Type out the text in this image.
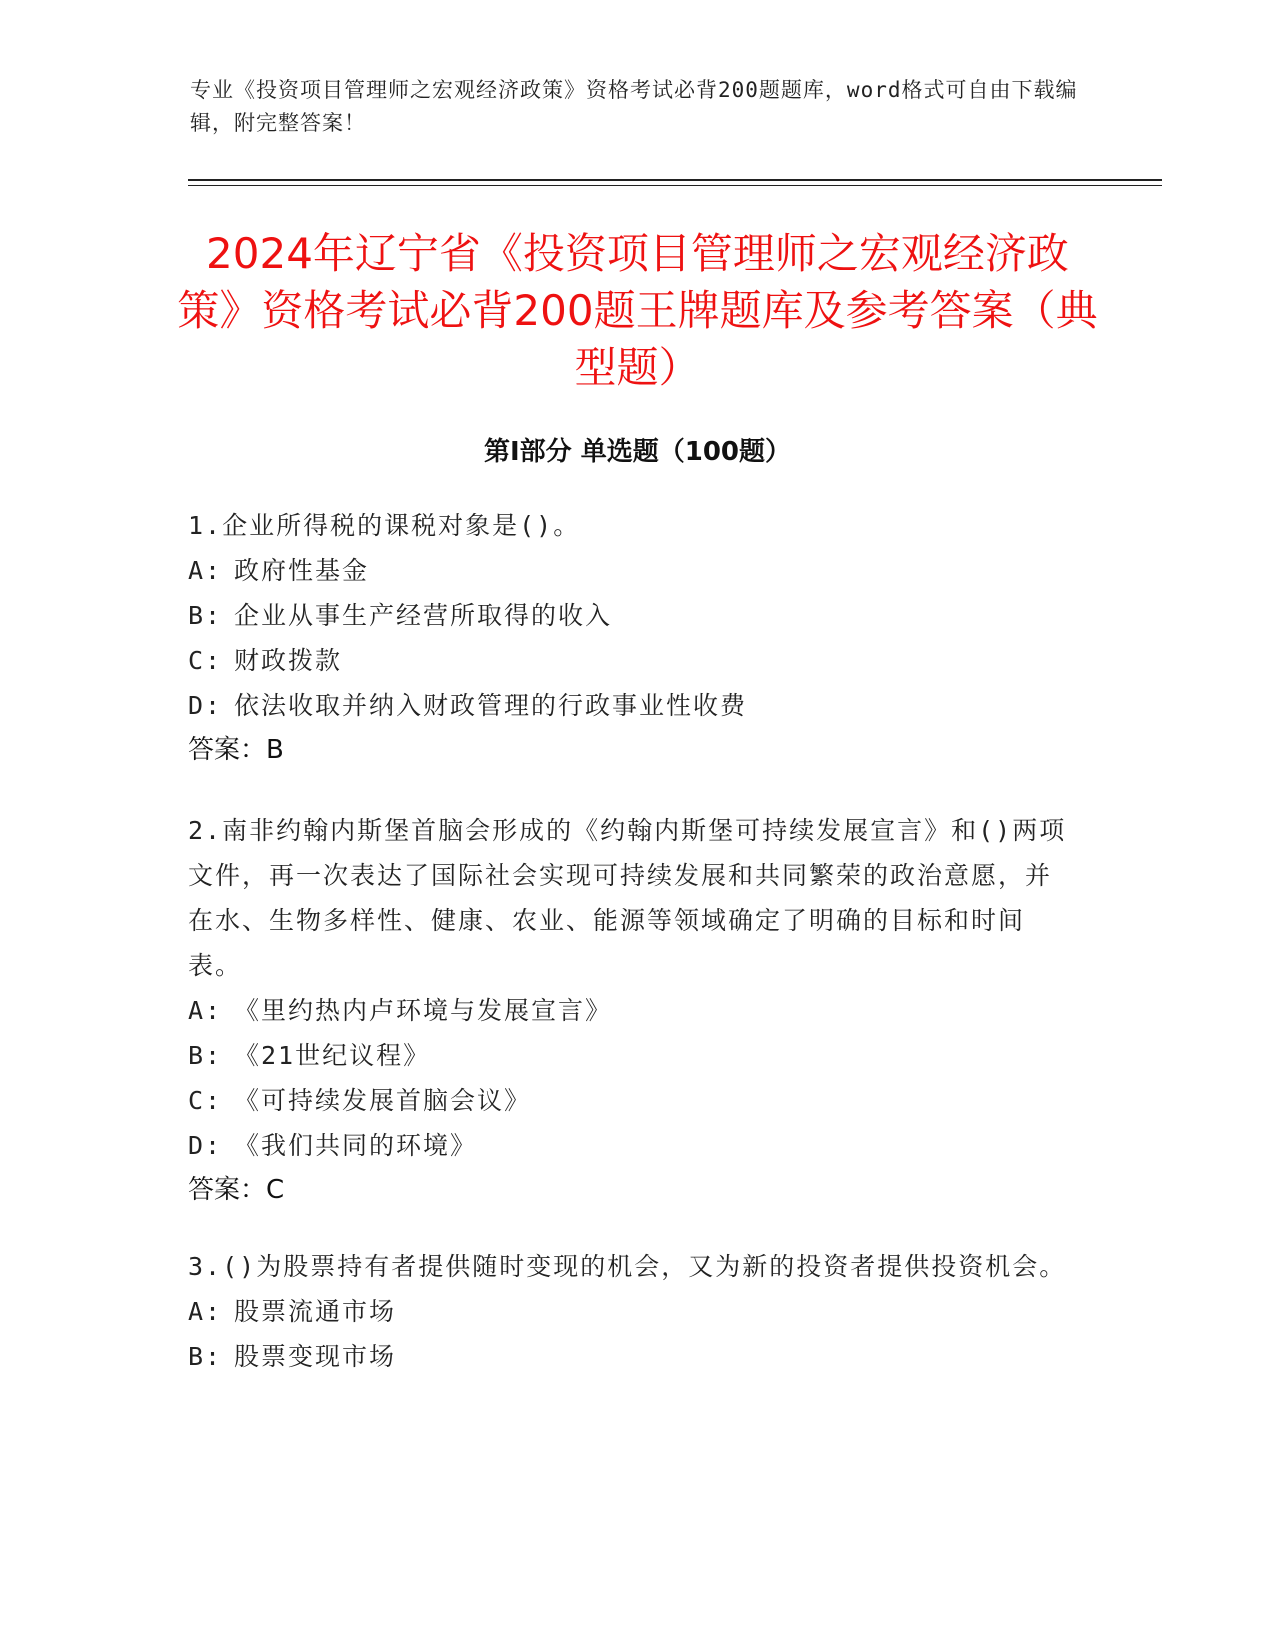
专业《投资项目管理师之宏观经济政策》资格考试必背200题题库，word格式可自由下载编辑，附完整答案！
2024年辽宁省《投资项目管理师之宏观经济政策》资格考试必背200题王牌题库及参考答案（典型题）
第I部分 单选题（100题）
1.企业所得税的课税对象是()。
A: 政府性基金
B: 企业从事生产经营所取得的收入
C: 财政拨款
D: 依法收取并纳入财政管理的行政事业性收费
答案：B
2.南非约翰内斯堡首脑会形成的《约翰内斯堡可持续发展宣言》和()两项文件，再一次表达了国际社会实现可持续发展和共同繁荣的政治意愿，并在水、生物多样性、健康、农业、能源等领域确定了明确的目标和时间表。
A: 《里约热内卢环境与发展宣言》
B: 《21世纪议程》
C: 《可持续发展首脑会议》
D: 《我们共同的环境》
答案：C
3.()为股票持有者提供随时变现的机会，又为新的投资者提供投资机会。
A: 股票流通市场
B: 股票变现市场
